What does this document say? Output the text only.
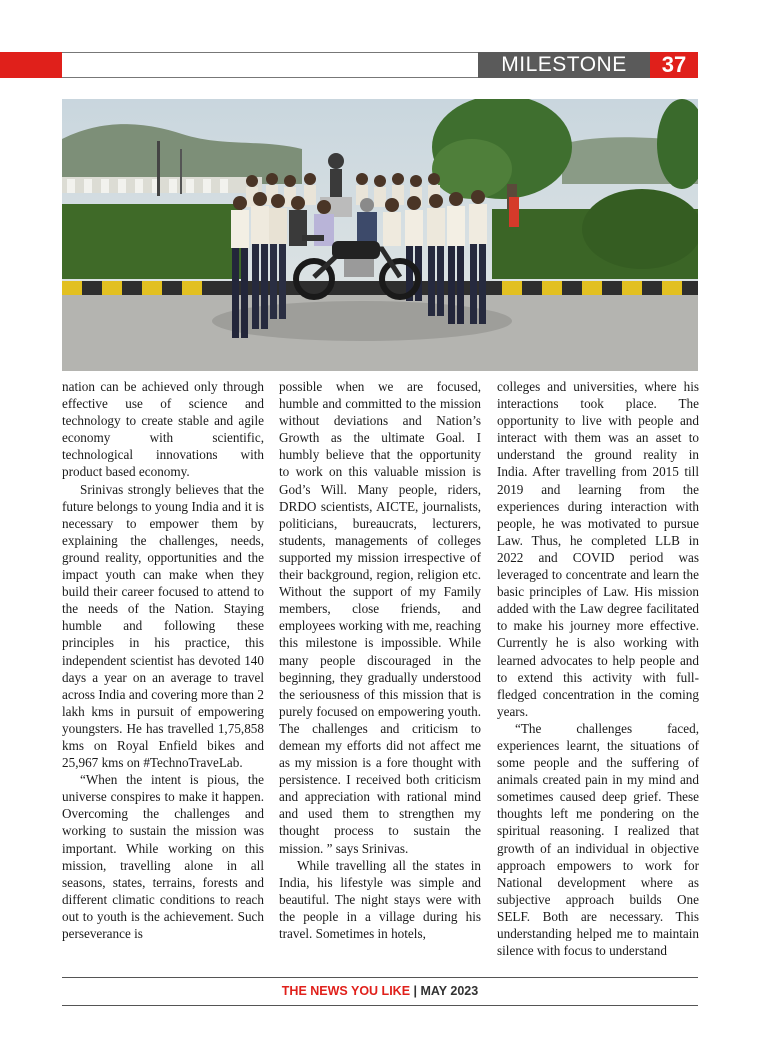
MILESTONE	37

nation can be achieved only through effective use of science and technology to create stable and agile economy with scientific, technological innovations with product based economy.

Srinivas strongly believes that the future belongs to young India and it is necessary to empower them by explaining the challenges, needs, ground reality, opportunities and the impact youth can make when they build their career focused to attend to the needs of the Nation. Staying humble and following these principles in his practice, this independent scientist has devoted 140 days a year on an average to travel across India and covering more than 2 lakh kms in pursuit of empowering youngsters. He has travelled 1,75,858 kms on Royal Enfield bikes and 25,967 kms on #TechnoTraveLab.

“When the intent is pious, the universe conspires to make it happen. Overcoming the challenges and working to sustain the mission was important. While working on this mission, travelling alone in all seasons, states, terrains, forests and different climatic conditions to reach out to youth is the achievement. Such perseverance is

possible when we are focused, humble and committed to the mission without deviations and Nation’s Growth as the ultimate Goal. I humbly believe that the opportunity to work on this valuable mission is God’s Will. Many people, riders, DRDO scientists, AICTE, journalists, politicians, bureaucrats, lecturers, students, managements of colleges supported my mission irrespective of their background, region, religion etc. Without the support of my Family members, close friends, and employees working with me, reaching this milestone is impossible. While many people discouraged in the beginning, they gradually understood the seriousness of this mission that is purely focused on empowering youth. The challenges and criticism to demean my efforts did not affect me as my mission is a fore thought with persistence. I received both criticism and appreciation with rational mind and used them to strengthen my thought process to sustain the mission. ” says Srinivas.

While travelling all the states in India, his lifestyle was simple and beautiful. The night stays were with the people in a village during his travel. Sometimes in hotels,

colleges and universities, where his interactions took place. The opportunity to live with people and interact with them was an asset to understand the ground reality in India. After travelling from 2015 till 2019 and learning from the experiences during interaction with people, he was motivated to pursue Law. Thus, he completed LLB in 2022 and COVID period was leveraged to concentrate and learn the basic principles of Law. His mission added with the Law degree facilitated to make his journey more effective. Currently he is also working with learned advocates to help people and to extend this activity with full-fledged concentration in the coming years.

“The challenges faced, experiences learnt, the situations of some people and the suffering of animals created pain in my mind and sometimes caused deep grief. These thoughts left me pondering on the spiritual reasoning. I realized that growth of an individual in objective approach empowers to work for National development where as subjective approach builds One SELF. Both are necessary. This understanding helped me to maintain silence with focus to understand

THE NEWS YOU LIKE | MAY 2023
